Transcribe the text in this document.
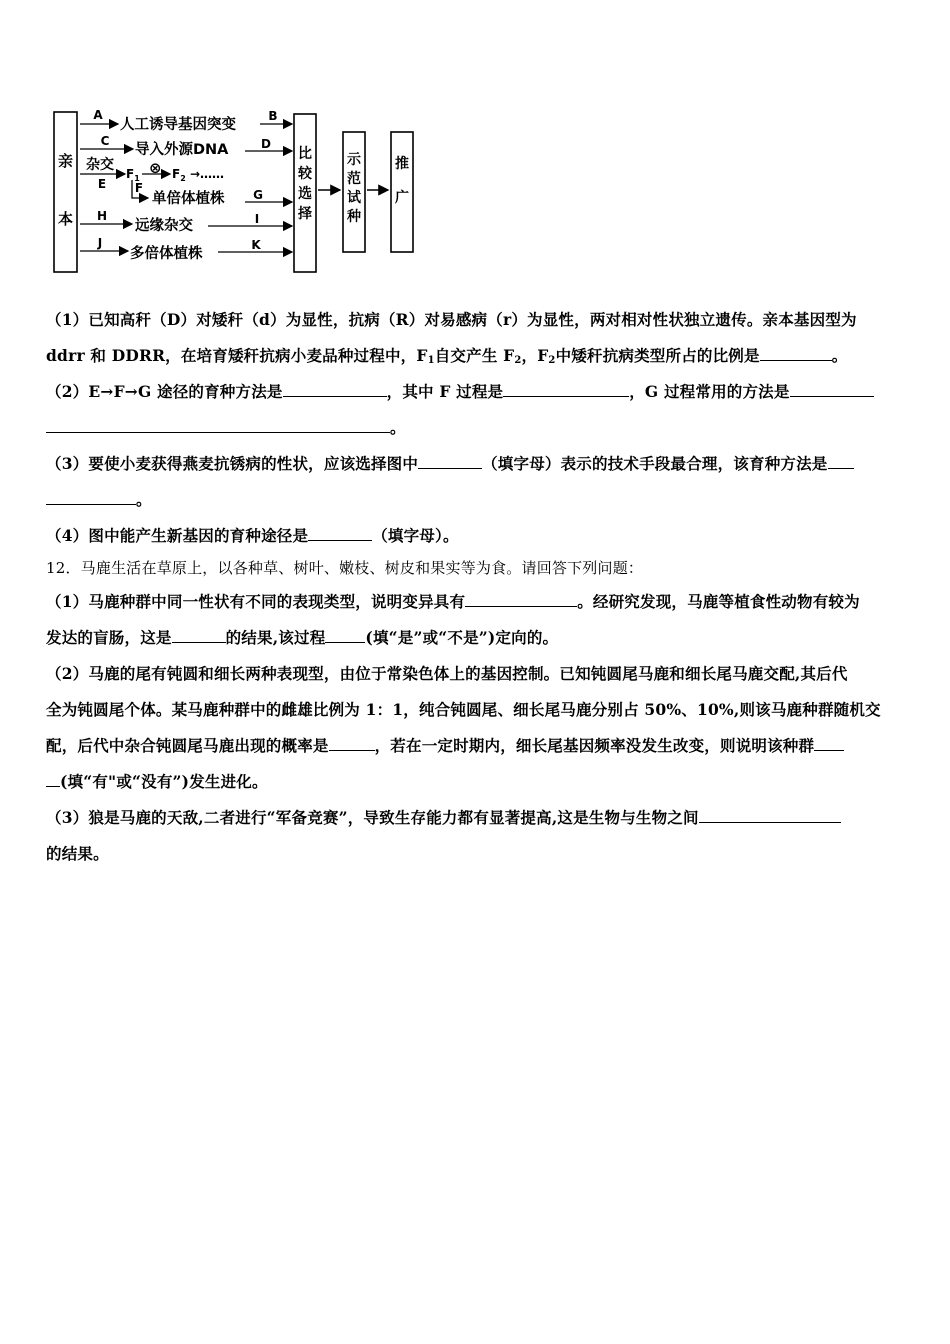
亲
本
比
较
选
择
示
范
试
种
推
广
A
人工诱导基因突变
B
C
导入外源DNA	D
杂交
E
$F_1$
⊗ $F_2$ →……
F
单倍体植株 G
H
远缘杂交	I
J
多倍体植株
K
（1）已知高秆（D）对矮秆（d）为显性，抗病（R）对易感病（r）为显性，两对相对性状独立遗传。亲本基因型为
ddrr 和 DDRR，在培育矮秆抗病小麦品种过程中，$F_1$自交产生 $F_2$，$F_2$中矮秆抗病类型所占的比例是	。
（2）E→F→G 途径的育种方法是	，其中 F 过程是	，G 过程常用的方法是
。
（3）要使小麦获得燕麦抗锈病的性状，应该选择图中	（填字母）表示的技术手段最合理，该育种方法是
。
（4）图中能产生新基因的育种途径是	（填字母）。
12．马鹿生活在草原上，以各种草、树叶、嫩枝、树皮和果实等为食。请回答下列问题：
（1）马鹿种群中同一性状有不同的表现类型，说明变异具有	。经研究发现，马鹿等植食性动物有较为
发达的盲肠，这是	的结果,该过程	(填“是”或“不是”)定向的。
（2）马鹿的尾有钝圆和细长两种表现型，由位于常染色体上的基因控制。已知钝圆尾马鹿和细长尾马鹿交配,其后代
全为钝圆尾个体。某马鹿种群中的雌雄比例为 1：1，纯合钝圆尾、细长尾马鹿分别占 50%、10%,则该马鹿种群随机交
配，后代中杂合钝圆尾马鹿出现的概率是	，若在一定时期内，细长尾基因频率没发生改变，则说明该种群
(填“有"或“没有”)发生进化。
（3）狼是马鹿的天敌,二者进行“军备竞赛”，导致生存能力都有显著提高,这是生物与生物之间
的结果。
